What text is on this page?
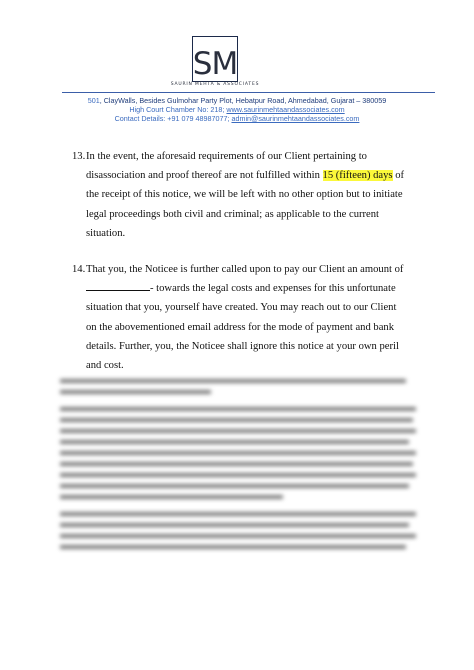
SM
SAURIN MEHTA & ASSOCIATES
501, ClayWalls, Besides Gulmohar Party Plot, Hebatpur Road, Ahmedabad, Gujarat – 380059
High Court Chamber No: 218; www.saurinmehtaandassociates.com
Contact Details: +91 079 48987077; admin@saurinmehtaandassociates.com
13. In the event, the aforesaid requirements of our Client pertaining to
disassociation and proof thereof are not fulfilled within 15 (fifteen) days of
the receipt of this notice, we will be left with no other option but to initiate
legal proceedings both civil and criminal; as applicable to the current
situation.
14. That you, the Noticee is further called upon to pay our Client an amount of
- towards the legal costs and expenses for this unfortunate
situation that you, yourself have created. You may reach out to our Client
on the abovementioned email address for the mode of payment and bank
details. Further, you, the Noticee shall ignore this notice at your own peril
and cost.
